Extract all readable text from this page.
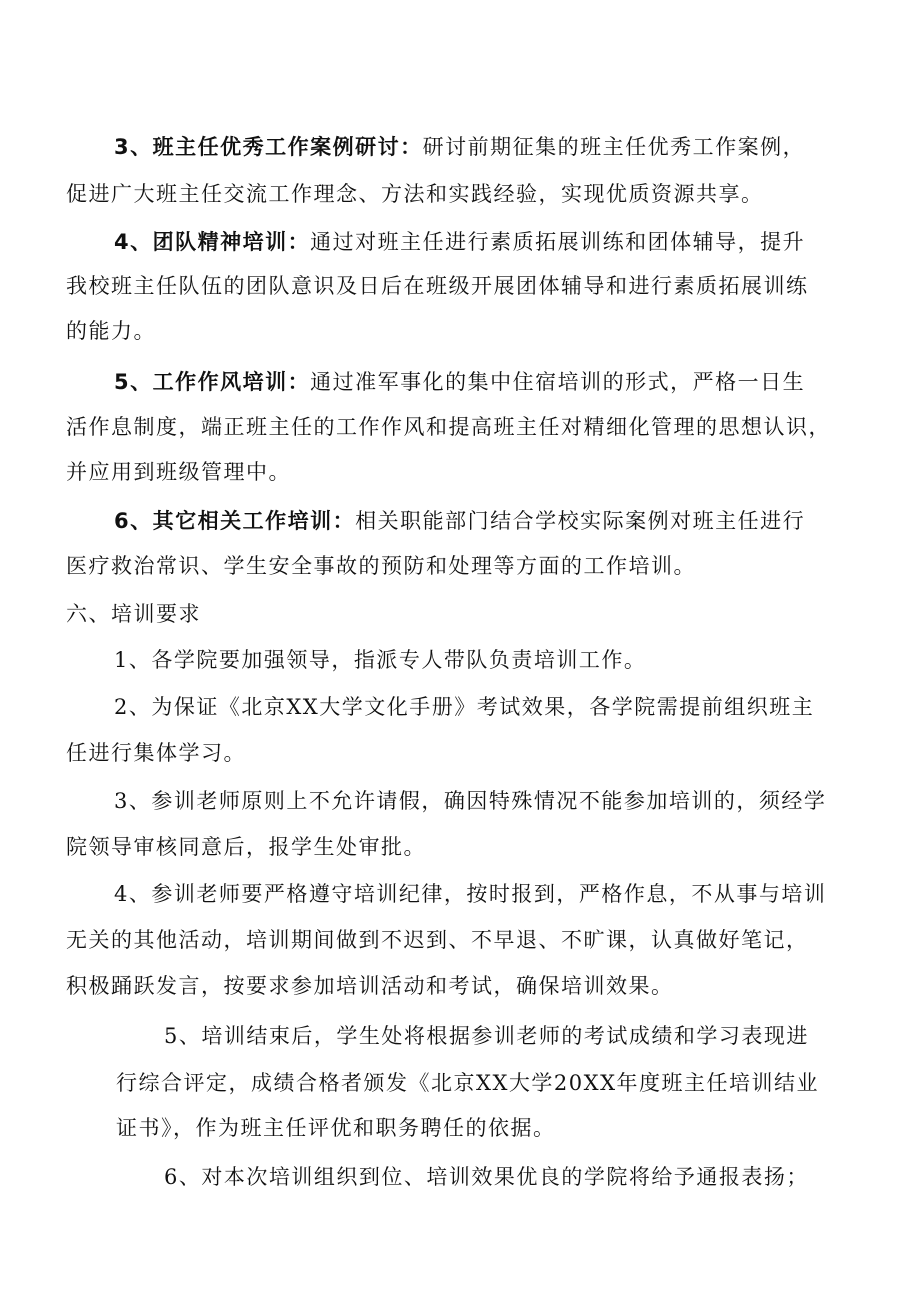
3、班主任优秀工作案例研讨：研讨前期征集的班主任优秀工作案例，
促进广大班主任交流工作理念、方法和实践经验，实现优质资源共享。
4、团队精神培训：通过对班主任进行素质拓展训练和团体辅导，提升
我校班主任队伍的团队意识及日后在班级开展团体辅导和进行素质拓展训练
的能力。
5、工作作风培训：通过准军事化的集中住宿培训的形式，严格一日生
活作息制度，端正班主任的工作作风和提高班主任对精细化管理的思想认识，
并应用到班级管理中。
6、其它相关工作培训：相关职能部门结合学校实际案例对班主任进行
医疗救治常识、学生安全事故的预防和处理等方面的工作培训。
六、培训要求
1、各学院要加强领导，指派专人带队负责培训工作。
2、为保证《北京XX大学文化手册》考试效果，各学院需提前组织班主
任进行集体学习。
3、参训老师原则上不允许请假，确因特殊情况不能参加培训的，须经学
院领导审核同意后，报学生处审批。
4、参训老师要严格遵守培训纪律，按时报到，严格作息，不从事与培训
无关的其他活动，培训期间做到不迟到、不早退、不旷课，认真做好笔记，
积极踊跃发言，按要求参加培训活动和考试，确保培训效果。
5、培训结束后，学生处将根据参训老师的考试成绩和学习表现进
行综合评定，成绩合格者颁发《北京XX大学20XX年度班主任培训结业
证书》，作为班主任评优和职务聘任的依据。
6、对本次培训组织到位、培训效果优良的学院将给予通报表扬；
